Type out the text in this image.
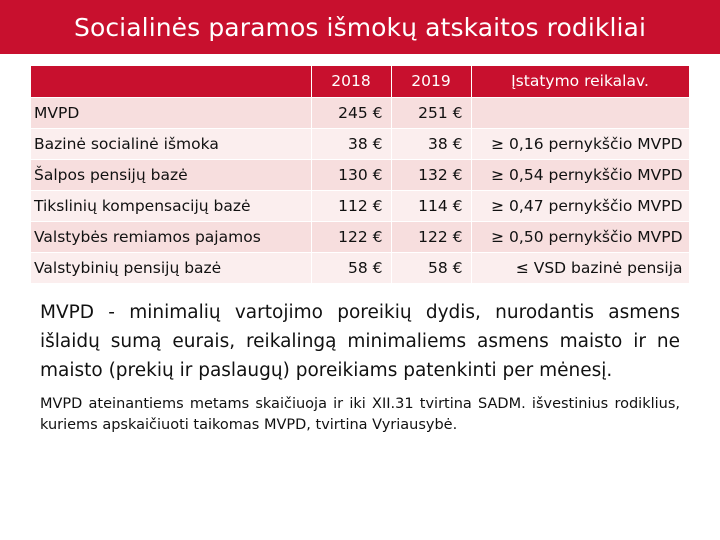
Socialinės paramos išmokų atskaitos rodikliai
	2018	2019	Įstatymo reikalav.
MVPD	245 €	251 €	
Bazinė socialinė išmoka	38 €	38 €	≥ 0,16 pernykščio MVPD
Šalpos pensijų bazė	130 €	132 €	≥ 0,54 pernykščio MVPD
Tikslinių kompensacijų bazė	112 €	114 €	≥ 0,47 pernykščio MVPD
Valstybės remiamos pajamos	122 €	122 €	≥ 0,50 pernykščio MVPD
Valstybinių pensijų bazė	58 €	58 €	≤ VSD bazinė pensija

MVPD - minimalių vartojimo poreikių dydis, nurodantis asmens išlaidų sumą eurais, reikalingą minimaliems asmens maisto ir ne maisto (prekių ir paslaugų) poreikiams patenkinti per mėnesį.

MVPD ateinantiems metams skaičiuoja ir iki XII.31 tvirtina SADM. išvestinius rodiklius, kuriems apskaičiuoti taikomas MVPD, tvirtina Vyriausybė.
